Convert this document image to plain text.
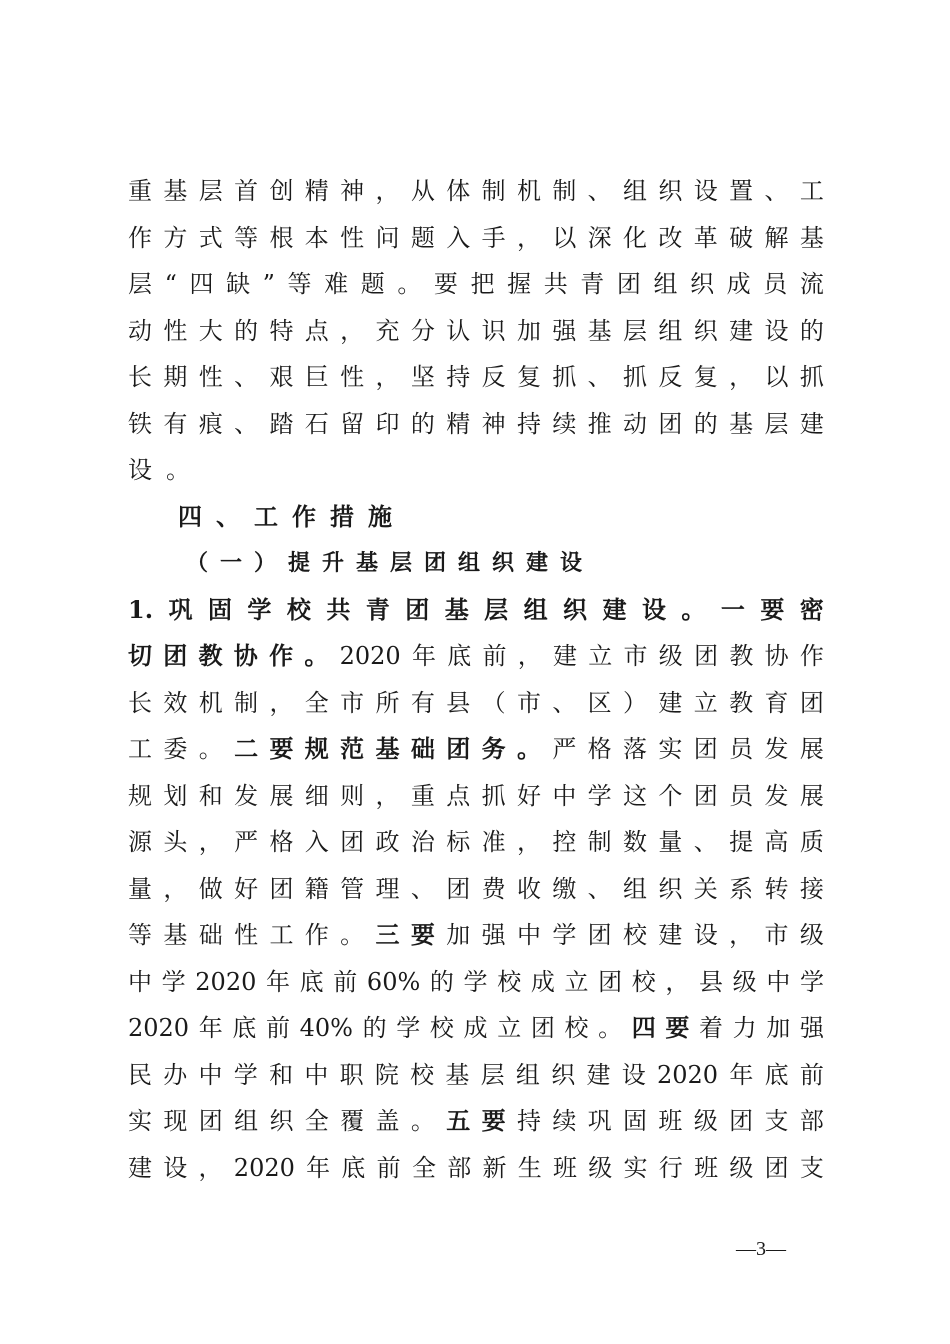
重 基 层 首 创 精 神 ， 从 体 制 机 制 、 组 织 设 置 、 工
作 方 式 等 根 本 性 问 题 入 手 ， 以 深 化 改 革 破 解 基
层 “ 四 缺 ” 等 难 题 。 要 把 握 共 青 团 组 织 成 员 流
动 性 大 的 特 点 ， 充 分 认 识 加 强 基 层 组 织 建 设 的
长 期 性 、 艰 巨 性 ， 坚 持 反 复 抓 、 抓 反 复 ， 以 抓
铁 有 痕 、 踏 石 留 印 的 精 神 持 续 推 动 团 的 基 层 建
设 。
四、工作措施
（一）提升基层团组织建设
1. 巩 固 学 校 共 青 团 基 层 组 织 建 设 。 一 要 密
切 团 教 协 作 。 2020 年 底 前 ， 建 立 市 级 团 教 协 作
长 效 机 制 ， 全 市 所 有 县 （ 市 、 区 ） 建 立 教 育 团
工 委 。 二 要 规 范 基 础 团 务 。 严 格 落 实 团 员 发 展
规 划 和 发 展 细 则 ， 重 点 抓 好 中 学 这 个 团 员 发 展
源 头 ， 严 格 入 团 政 治 标 准 ， 控 制 数 量 、 提 高 质
量 ， 做 好 团 籍 管 理 、 团 费 收 缴 、 组 织 关 系 转 接
等 基 础 性 工 作 。 三 要 加 强 中 学 团 校 建 设 ， 市 级
中 学 2020 年 底 前 60% 的 学 校 成 立 团 校 ， 县 级 中 学
2020 年 底 前 40% 的 学 校 成 立 团 校 。 四 要 着 力 加 强
民 办 中 学 和 中 职 院 校 基 层 组 织 建 设 2020 年 底 前
实 现 团 组 织 全 覆 盖 。 五 要 持 续 巩 固 班 级 团 支 部
建 设 ， 2020 年 底 前 全 部 新 生 班 级 实 行 班 级 团 支
—3—
